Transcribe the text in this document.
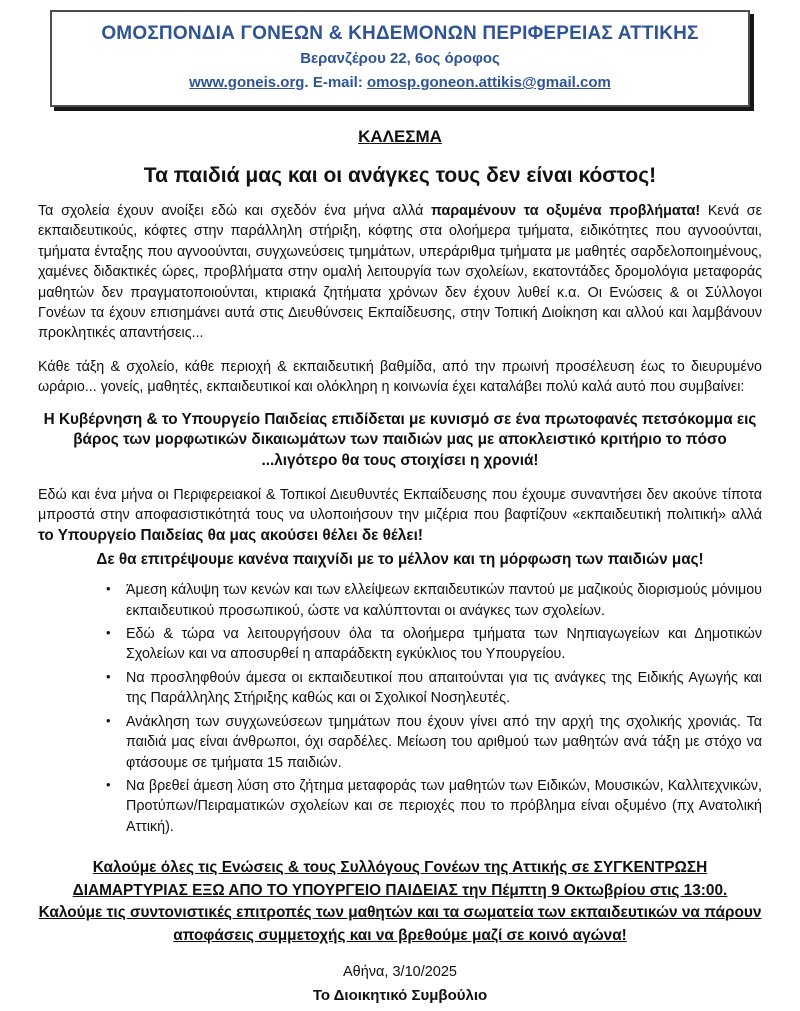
ΟΜΟΣΠΟΝΔΙΑ ΓΟΝΕΩΝ & ΚΗΔΕΜΟΝΩΝ ΠΕΡΙΦΕΡΕΙΑΣ ΑΤΤΙΚΗΣ
Βερανζέρου 22, 6ος όροφος
www.goneis.org. E-mail: omosp.goneon.attikis@gmail.com
ΚΑΛΕΣΜΑ
Τα παιδιά μας και οι ανάγκες τους δεν είναι κόστος!
Τα σχολεία έχουν ανοίξει εδώ και σχεδόν ένα μήνα αλλά παραμένουν τα οξυμένα προβλήματα! Κενά σε εκπαιδευτικούς, κόφτες στην παράλληλη στήριξη, κόφτης στα ολοήμερα τμήματα, ειδικότητες που αγνοούνται, τμήματα ένταξης που αγνοούνται, συγχωνεύσεις τμημάτων, υπεράριθμα τμήματα με μαθητές σαρδελοποιημένους, χαμένες διδακτικές ώρες, προβλήματα στην ομαλή λειτουργία των σχολείων, εκατοντάδες δρομολόγια μεταφοράς μαθητών δεν πραγματοποιούνται, κτιριακά ζητήματα χρόνων δεν έχουν λυθεί κ.α. Οι Ενώσεις & οι Σύλλογοι Γονέων τα έχουν επισημάνει αυτά στις Διευθύνσεις Εκπαίδευσης, στην Τοπική Διοίκηση και αλλού και λαμβάνουν προκλητικές απαντήσεις...
Κάθε τάξη & σχολείο, κάθε περιοχή & εκπαιδευτική βαθμίδα, από την πρωινή προσέλευση έως το διευρυμένο ωράριο... γονείς, μαθητές, εκπαιδευτικοί και ολόκληρη η κοινωνία έχει καταλάβει πολύ καλά αυτό που συμβαίνει:
Η Κυβέρνηση & το Υπουργείο Παιδείας επιδίδεται με κυνισμό σε ένα πρωτοφανές πετσόκομμα εις βάρος των μορφωτικών δικαιωμάτων των παιδιών μας με αποκλειστικό κριτήριο το πόσο ...λιγότερο θα τους στοιχίσει η χρονιά!
Εδώ και ένα μήνα οι Περιφερειακοί & Τοπικοί Διευθυντές Εκπαίδευσης που έχουμε συναντήσει δεν ακούνε τίποτα μπροστά στην αποφασιστικότητά τους να υλοποιήσουν την μιζέρια που βαφτίζουν «εκπαιδευτική πολιτική» αλλά το Υπουργείο Παιδείας θα μας ακούσει θέλει δε θέλει!
Δε θα επιτρέψουμε κανένα παιχνίδι με το μέλλον και τη μόρφωση των παιδιών μας!
• Άμεση κάλυψη των κενών και των ελλείψεων εκπαιδευτικών παντού με μαζικούς διορισμούς μόνιμου εκπαιδευτικού προσωπικού, ώστε να καλύπτονται οι ανάγκες των σχολείων.
• Εδώ & τώρα να λειτουργήσουν όλα τα ολοήμερα τμήματα των Νηπιαγωγείων και Δημοτικών Σχολείων και να αποσυρθεί η απαράδεκτη εγκύκλιος του Υπουργείου.
• Να προσληφθούν άμεσα οι εκπαιδευτικοί που απαιτούνται για τις ανάγκες της Ειδικής Αγωγής και της Παράλληλης Στήριξης καθώς και οι Σχολικοί Νοσηλευτές.
• Ανάκληση των συγχωνεύσεων τμημάτων που έχουν γίνει από την αρχή της σχολικής χρονιάς. Τα παιδιά μας είναι άνθρωποι, όχι σαρδέλες. Μείωση του αριθμού των μαθητών ανά τάξη με στόχο να φτάσουμε σε τμήματα 15 παιδιών.
• Να βρεθεί άμεση λύση στο ζήτημα μεταφοράς των μαθητών των Ειδικών, Μουσικών, Καλλιτεχνικών, Προτύπων/Πειραματικών σχολείων και σε περιοχές που το πρόβλημα είναι οξυμένο (πχ Ανατολική Αττική).
Καλούμε όλες τις Ενώσεις & τους Συλλόγους Γονέων της Αττικής σε ΣΥΓΚΕΝΤΡΩΣΗ ΔΙΑΜΑΡΤΥΡΙΑΣ ΕΞΩ ΑΠΟ ΤΟ ΥΠΟΥΡΓΕΙΟ ΠΑΙΔΕΙΑΣ την Πέμπτη 9 Οκτωβρίου στις 13:00.
Καλούμε τις συντονιστικές επιτροπές των μαθητών και τα σωματεία των εκπαιδευτικών να πάρουν αποφάσεις συμμετοχής και να βρεθούμε μαζί σε κοινό αγώνα!
Αθήνα, 3/10/2025
Το Διοικητικό Συμβούλιο
